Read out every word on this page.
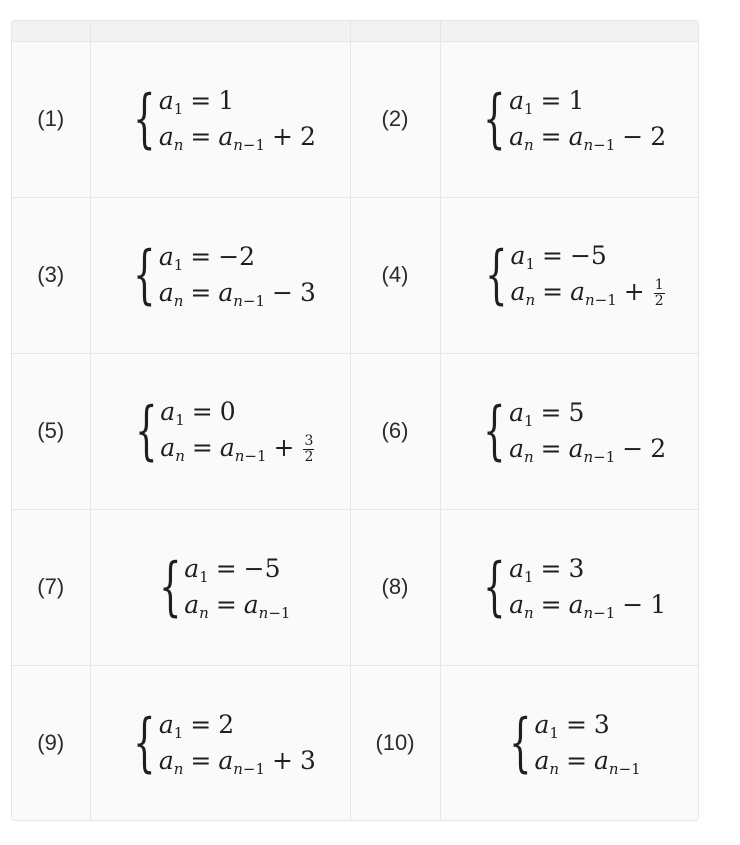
(1)	{ $a_1 = 1$
$a_n = a_{n-1} + 2$	(2)	{ $a_1 = 1$
$a_n = a_{n-1} - 2$

(3)	{ $a_1 = -2$
$a_n = a_{n-1} - 3$	(4)	{ $a_1 = -5$
$a_n = a_{n-1} + \frac{1}{2}$

(5)	{ $a_1 = 0$
$a_n = a_{n-1} + \frac{3}{2}$	(6)	{ $a_1 = 5$
$a_n = a_{n-1} - 2$

(7)	{ $a_1 = -5$
$a_n = a_{n-1}$	(8)	{ $a_1 = 3$
$a_n = a_{n-1} - 1$

(9)	{ $a_1 = 2$
$a_n = a_{n-1} + 3$	(10)	{ $a_1 = 3$
$a_n = a_{n-1}$
